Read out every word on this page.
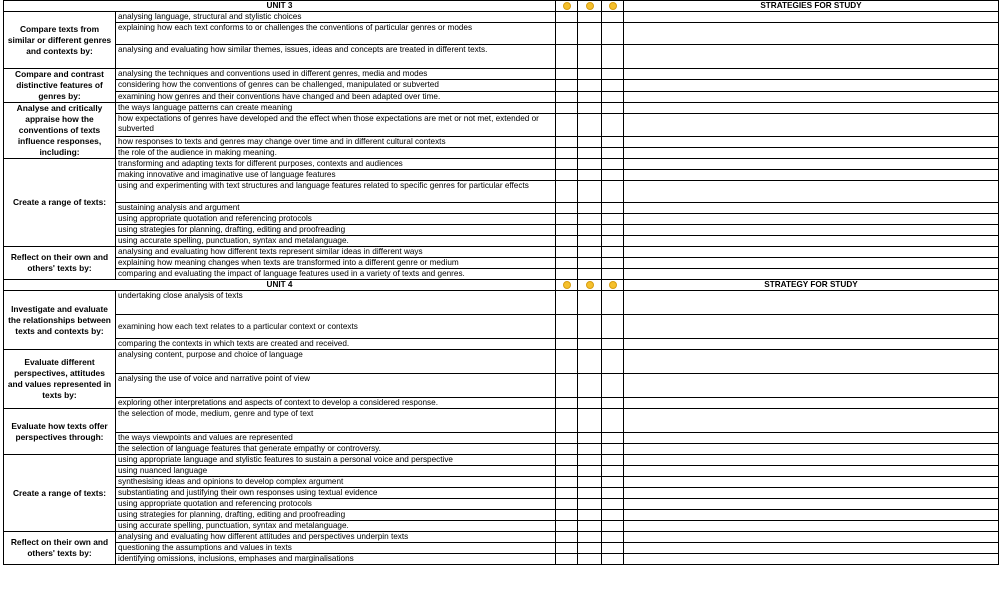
UNIT 3					STRATEGIES FOR STUDY
Compare texts from similar or different genres and contexts by:	analysing language, structural and stylistic choices				
	explaining how each text conforms to or challenges the conventions of particular genres or modes				
	analysing and evaluating how similar themes, issues, ideas and concepts are treated in different texts.				
Compare and contrast distinctive features of genres by:	analysing the techniques and conventions used in different genres, media and modes				
	considering how the conventions of genres can be challenged, manipulated or subverted				
	examining how genres and their conventions have changed and been adapted over time.				
Analyse and critically appraise how the conventions of texts influence responses, including:	the ways language patterns can create meaning				
	how expectations of genres have developed and the effect when those expectations are met or not met, extended or subverted				
	how responses to texts and genres may change over time and in different cultural contexts				
	the role of the audience in making meaning.				
Create a range of texts:	transforming and adapting texts for different purposes, contexts and audiences				
	making innovative and imaginative use of language features				
	using and experimenting with text structures and language features related to specific genres for particular effects				
	sustaining analysis and argument				
	using appropriate quotation and referencing protocols				
	using strategies for planning, drafting, editing and proofreading				
	using accurate spelling, punctuation, syntax and metalanguage.				
Reflect on their own and others' texts by:	analysing and evaluating how different texts represent similar ideas in different ways				
	explaining how meaning changes when texts are transformed into a different genre or medium				
	comparing and evaluating the impact of language features used in a variety of texts and genres.				
UNIT 4					STRATEGY FOR STUDY
Investigate and evaluate the relationships between texts and contexts by:	undertaking close analysis of texts				
	examining how each text relates to a particular context or contexts				
	comparing the contexts in which texts are created and received.				
Evaluate different perspectives, attitudes and values represented in texts by:	analysing content, purpose and choice of language				
	analysing the use of voice and narrative point of view				
	exploring other interpretations and aspects of context to develop a considered response.				
Evaluate how texts offer perspectives through:	the selection of mode, medium, genre and type of text				
	the ways viewpoints and values are represented				
	the selection of language features that generate empathy or controversy.				
Create a range of texts:	using appropriate language and stylistic features to sustain a personal voice and perspective				
	using nuanced language				
	synthesising ideas and opinions to develop complex argument				
	substantiating and justifying their own responses using textual evidence				
	using appropriate quotation and referencing protocols				
	using strategies for planning, drafting, editing and proofreading				
	using accurate spelling, punctuation, syntax and metalanguage.				
Reflect on their own and others' texts by:	analysing and evaluating how different attitudes and perspectives underpin texts				
	questioning the assumptions and values in texts				
	identifying omissions, inclusions, emphases and marginalisations				
